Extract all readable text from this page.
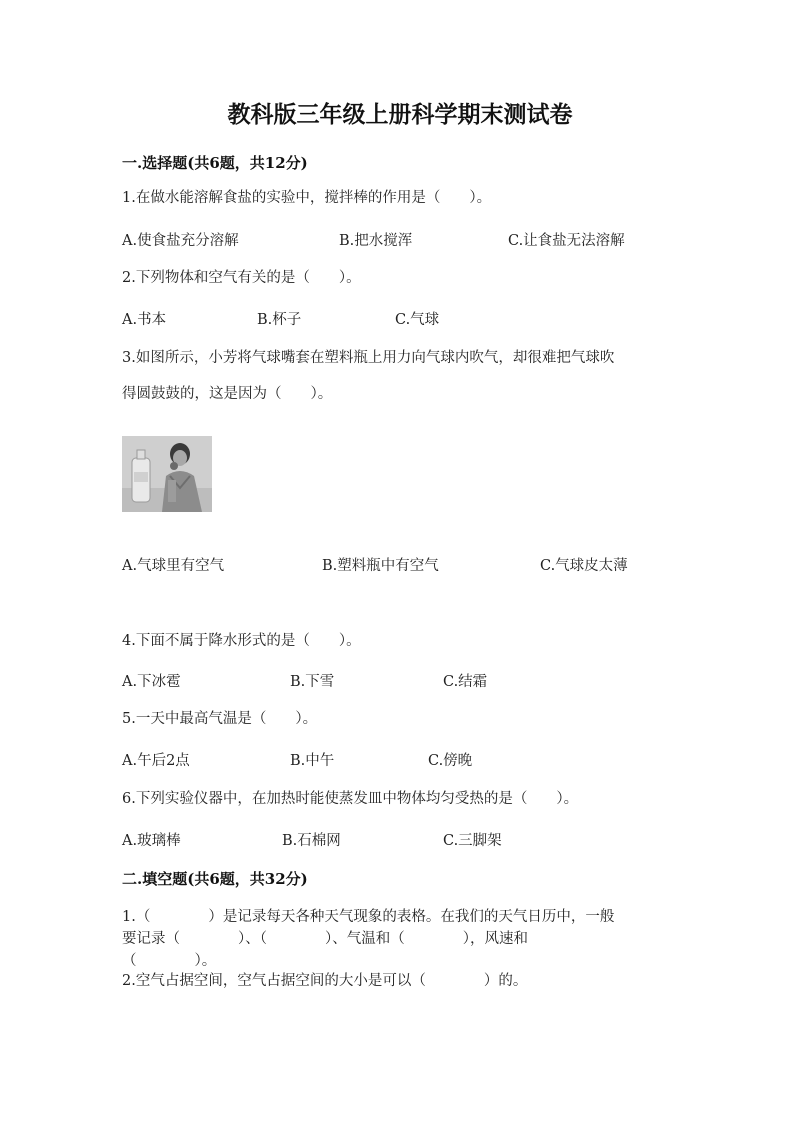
教科版三年级上册科学期末测试卷
一.选择题(共6题，共12分)
1.在做水能溶解食盐的实验中，搅拌棒的作用是（　　）。
A.使食盐充分溶解	B.把水搅浑	C.让食盐无法溶解
2.下列物体和空气有关的是（　　）。
A.书本	B.杯子	C.气球
3.如图所示，小芳将气球嘴套在塑料瓶上用力向气球内吹气，却很难把气球吹
得圆鼓鼓的，这是因为（　　）。
A.气球里有空气	B.塑料瓶中有空气	C.气球皮太薄
4.下面不属于降水形式的是（　　）。
A.下冰雹	B.下雪	C.结霜
5.一天中最高气温是（　　）。
A.午后2点	B.中午	C.傍晚
6.下列实验仪器中，在加热时能使蒸发皿中物体均匀受热的是（　　）。
A.玻璃棒	B.石棉网	C.三脚架
二.填空题(共6题，共32分)
1.（　　　　）是记录每天各种天气现象的表格。在我们的天气日历中，一般
要记录（　　　　）、（　　　　）、气温和（　　　　），风速和
（　　　　）。
2.空气占据空间，空气占据空间的大小是可以（　　　　）的。
